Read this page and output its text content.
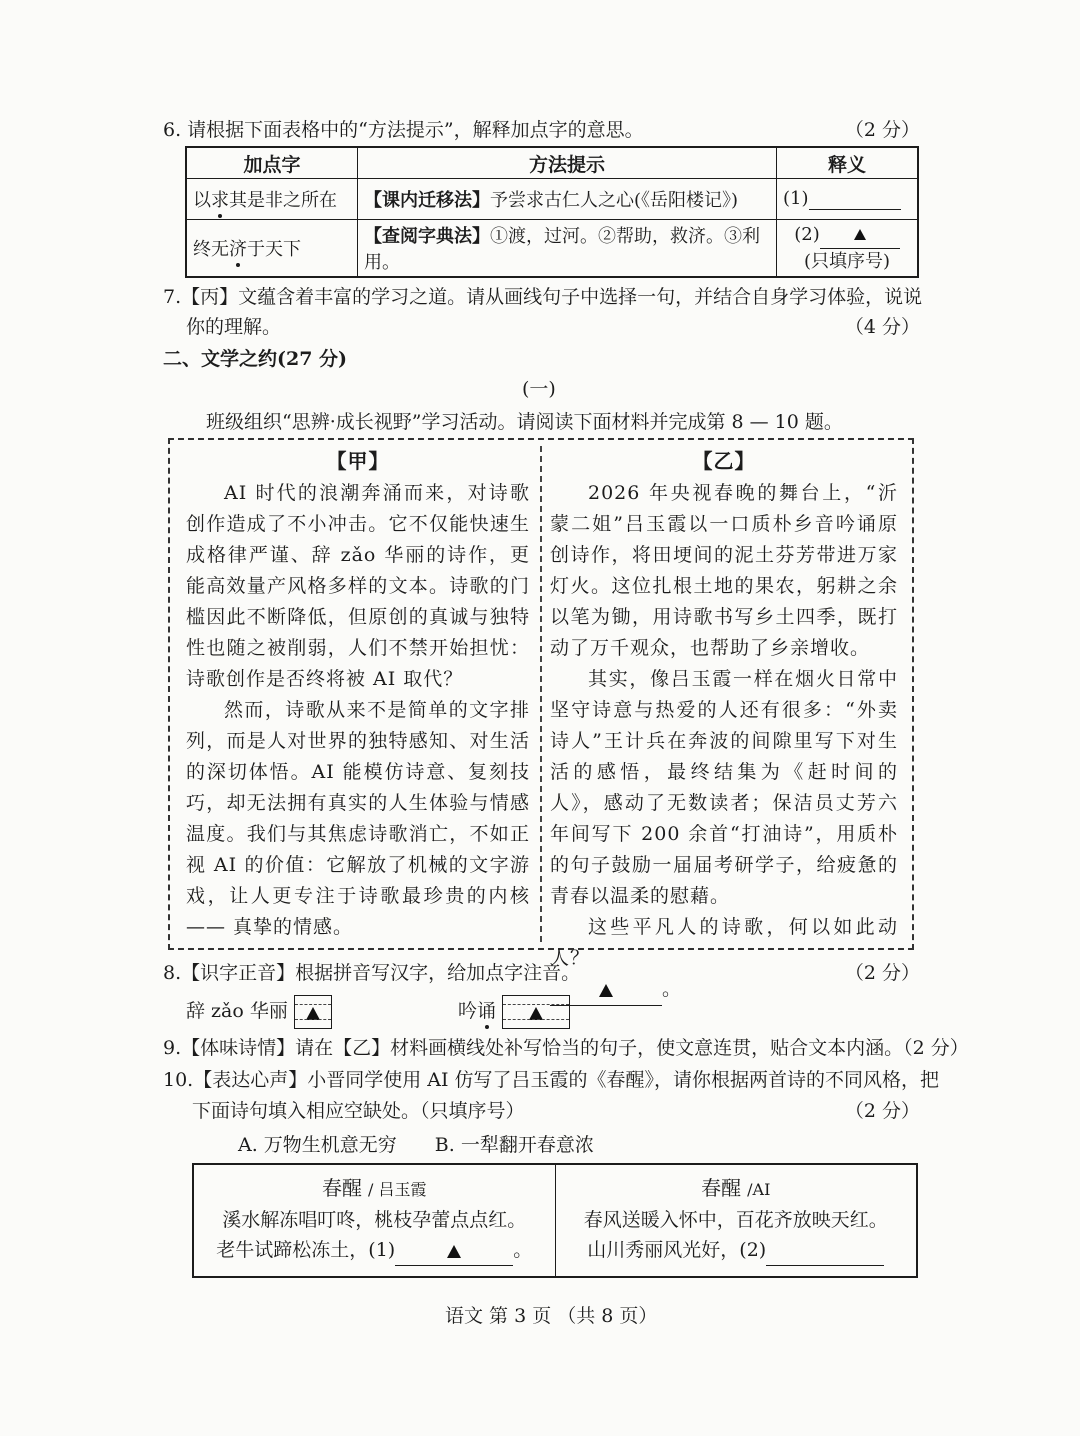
6. 请根据下面表格中的“方法提示”，解释加点字的意思。	（2 分）
加点字	方法提示	释义
以求其是非之所在	【课内迁移法】予尝求古仁人之心(《岳阳楼记》)	(1)
终无济于天下	【查阅字典法】①渡，过河。②帮助，救济。③利用。	(2)
(只填序号)
7.【丙】文蕴含着丰富的学习之道。请从画线句子中选择一句，并结合自身学习体验，说说
你的理解。	（4 分）
二、文学之约(27 分)
(一)
班级组织“思辨·成长视野”学习活动。请阅读下面材料并完成第 8 — 10 题。
【甲】

AI 时代的浪潮奔涌而来，对诗歌创作造成了不小冲击。它不仅能快速生成格律严谨、辞 zǎo 华丽的诗作，更能高效量产风格多样的文本。诗歌的门槛因此不断降低，但原创的真诚与独特性也随之被削弱，人们不禁开始担忧：诗歌创作是否终将被 AI 取代？

然而，诗歌从来不是简单的文字排列，而是人对世界的独特感知、对生活的深切体悟。AI 能模仿诗意、复刻技巧，却无法拥有真实的人生体验与情感温度。我们与其焦虑诗歌消亡，不如正视 AI 的价值：它解放了机械的文字游戏，让人更专注于诗歌最珍贵的内核 —— 真挚的情感。

【乙】

2026 年央视春晚的舞台上，“沂蒙二姐”吕玉霞以一口质朴乡音吟诵原创诗作，将田埂间的泥土芬芳带进万家灯火。这位扎根土地的果农，躬耕之余以笔为锄，用诗歌书写乡土四季，既打动了万千观众，也帮助了乡亲增收。

其实，像吕玉霞一样在烟火日常中坚守诗意与热爱的人还有很多：“外卖诗人”王计兵在奔波的间隙里写下对生活的感悟，最终结集为《赶时间的人》，感动了无数读者；保洁员丈芳六年间写下 200 余首“打油诗”，用质朴的句子鼓励一届届考研学子，给疲惫的青春以温柔的慰藉。

这些平凡人的诗歌，何以如此动人？

。
8.【识字正音】根据拼音写汉字，给加点字注音。	（2 分）
辞 zǎo 华丽	吟诵
9.【体味诗情】请在【乙】材料画横线处补写恰当的句子，使文意连贯，贴合文本内涵。（2 分）
10.【表达心声】小晋同学使用 AI 仿写了吕玉霞的《春醒》，请你根据两首诗的不同风格，把
下面诗句填入相应空缺处。（只填序号）	（2 分）
A. 万物生机意无穷　　B. 一犁翻开春意浓
春醒 / 吕玉霞
溪水解冻唱叮咚，桃枝孕蕾点点红。
老牛试蹄松冻土，(1)	。

春醒 /AI
春风送暖入怀中，百花齐放映天红。
山川秀丽风光好，(2)
语文 第 3 页 （共 8 页）
